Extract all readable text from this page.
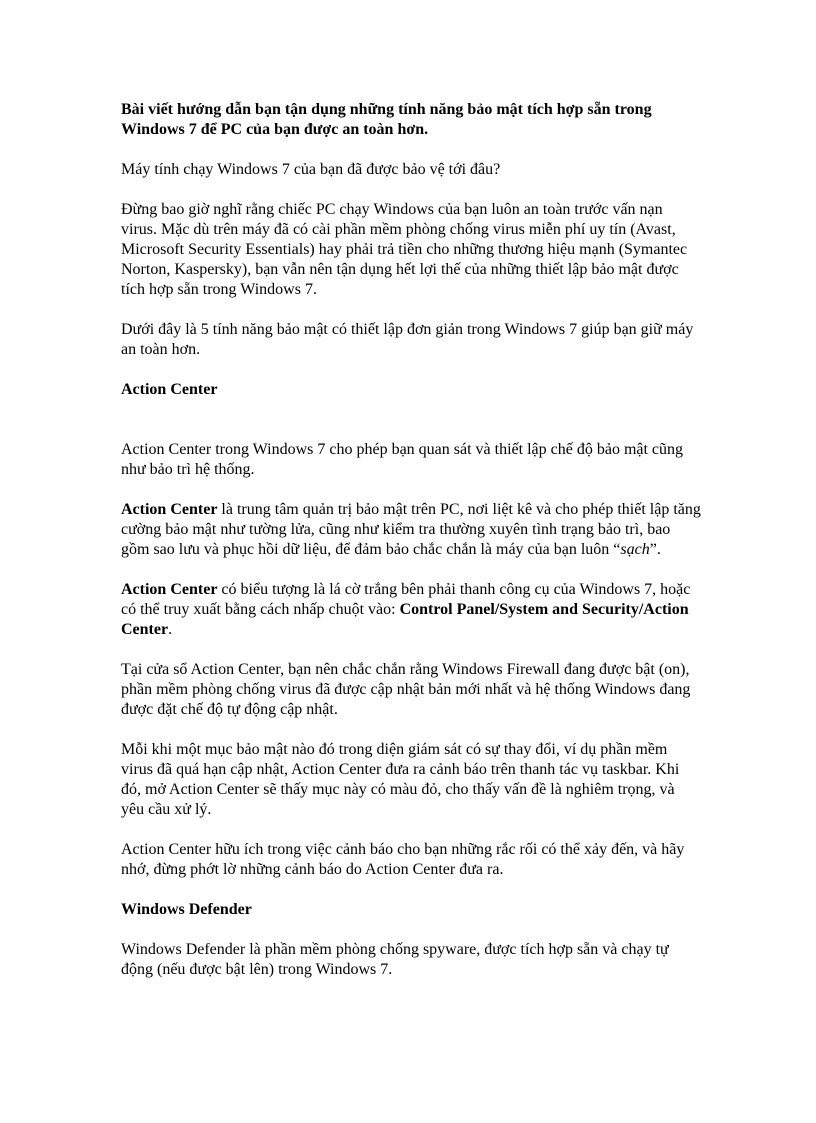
Bài viết hướng dẫn bạn tận dụng những tính năng bảo mật tích hợp sẵn trong Windows 7 để PC của bạn được an toàn hơn.

Máy tính chạy Windows 7 của bạn đã được bảo vệ tới đâu?

Đừng bao giờ nghĩ rằng chiếc PC chạy Windows của bạn luôn an toàn trước vấn nạn virus. Mặc dù trên máy đã có cài phần mềm phòng chống virus miễn phí uy tín (Avast, Microsoft Security Essentials) hay phải trả tiền cho những thương hiệu mạnh (Symantec Norton, Kaspersky), bạn vẫn nên tận dụng hết lợi thế của những thiết lập bảo mật được tích hợp sẵn trong Windows 7.

Dưới đây là 5 tính năng bảo mật có thiết lập đơn giản trong Windows 7 giúp bạn giữ máy an toàn hơn.

Action Center

Action Center trong Windows 7 cho phép bạn quan sát và thiết lập chế độ bảo mật cũng như bảo trì hệ thống.

Action Center là trung tâm quản trị bảo mật trên PC, nơi liệt kê và cho phép thiết lập tăng cường bảo mật như tường lửa, cũng như kiểm tra thường xuyên tình trạng bảo trì, bao gồm sao lưu và phục hồi dữ liệu, để đảm bảo chắc chắn là máy của bạn luôn “sạch”.

Action Center có biểu tượng là lá cờ trắng bên phải thanh công cụ của Windows 7, hoặc có thể truy xuất bằng cách nhấp chuột vào: Control Panel/System and Security/Action Center.

Tại cửa sổ Action Center, bạn nên chắc chắn rằng Windows Firewall đang được bật (on), phần mềm phòng chống virus đã được cập nhật bản mới nhất và hệ thống Windows đang được đặt chế độ tự động cập nhật.

Mỗi khi một mục bảo mật nào đó trong diện giám sát có sự thay đổi, ví dụ phần mềm virus đã quá hạn cập nhật, Action Center đưa ra cảnh báo trên thanh tác vụ taskbar. Khi đó, mở Action Center sẽ thấy mục này có màu đỏ, cho thấy vấn đề là nghiêm trọng, và yêu cầu xử lý.

Action Center hữu ích trong việc cảnh báo cho bạn những rắc rối có thể xảy đến, và hãy nhớ, đừng phớt lờ những cảnh báo do Action Center đưa ra.

Windows Defender

Windows Defender là phần mềm phòng chống spyware, được tích hợp sẵn và chạy tự động (nếu được bật lên) trong Windows 7.
